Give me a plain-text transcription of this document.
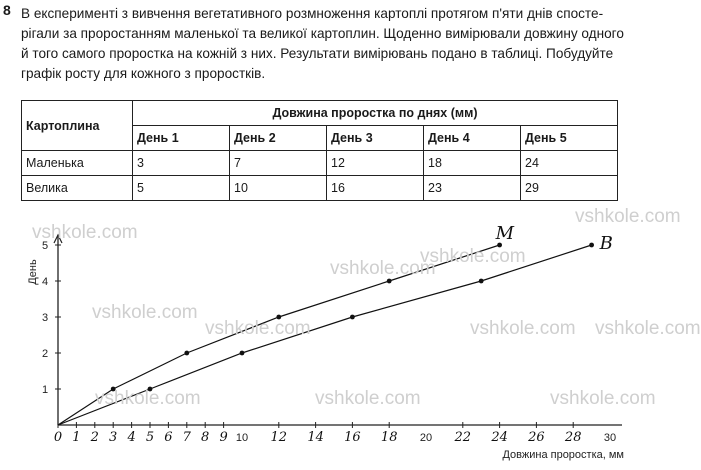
8 В експерименті з вивчення вегетативного розмноження картоплі протягом п'яти днів спосте-

рігали за проростанням маленької та великої картоплин. Щоденно вимірювали довжину одного

й того самого проростка на кожній з них. Результати вимірювань подано в таблиці. Побудуйте

графік росту для кожного з проростків.

Картоплина	Довжина проростка по днях (мм)				
	День 1	День 2	День 3	День 4	День 5
Маленька	3	7	12	18	24
Велика	5	10	16	23	29
1
2
3
4
5
День
10	20	30
0 1 2 3 4 5 6 7 8 9	12 14 16 18	22 24 26 28
Довжина проростка, мм
М	В
vshkole.com
vshkole.com
vshkole.com
vshkole.com
vshkole.com
vshkole.com	vshkole.com vshkole.com
vshkole.com	vshkole.com	vshkole.com
